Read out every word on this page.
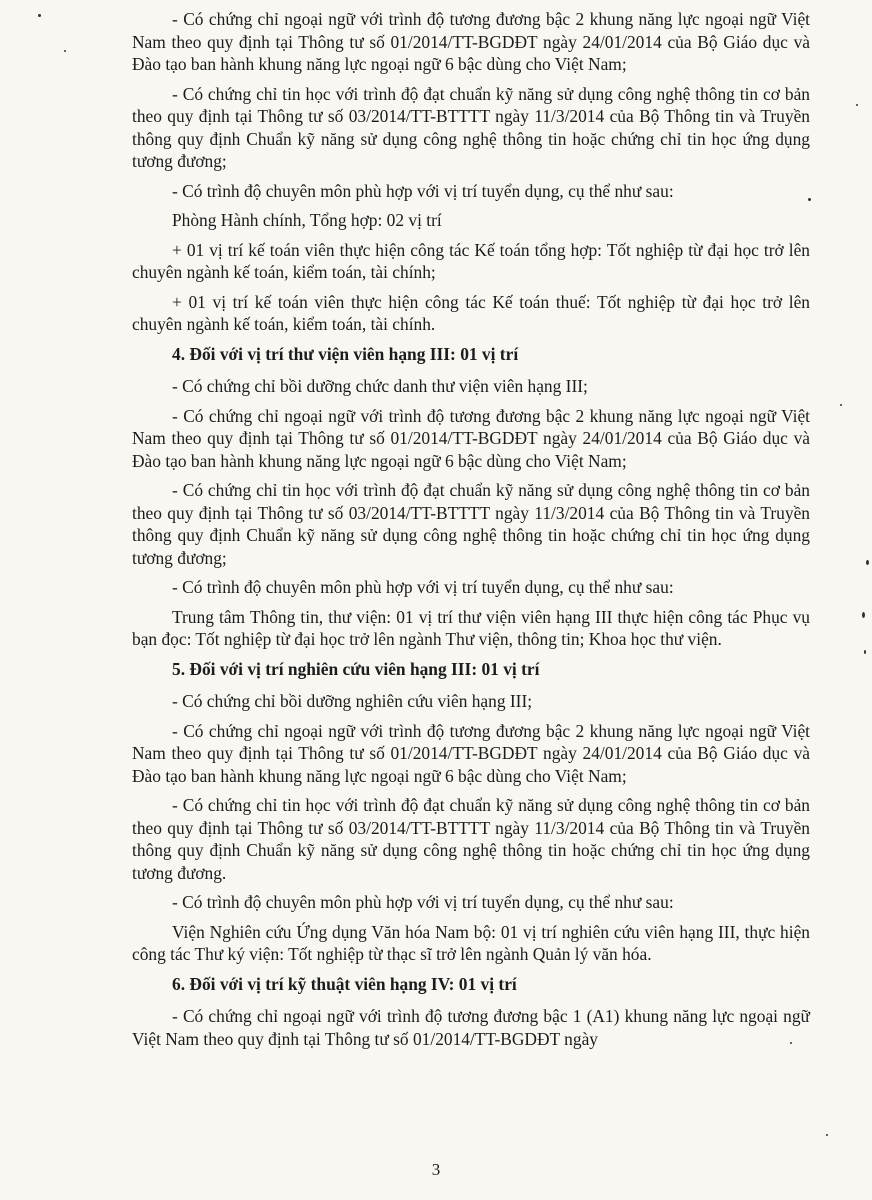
- Có chứng chỉ ngoại ngữ với trình độ tương đương bậc 2 khung năng lực ngoại ngữ Việt Nam theo quy định tại Thông tư số 01/2014/TT-BGDĐT ngày 24/01/2014 của Bộ Giáo dục và Đào tạo ban hành khung năng lực ngoại ngữ 6 bậc dùng cho Việt Nam;

- Có chứng chỉ tin học với trình độ đạt chuẩn kỹ năng sử dụng công nghệ thông tin cơ bản theo quy định tại Thông tư số 03/2014/TT-BTTTT ngày 11/3/2014 của Bộ Thông tin và Truyền thông quy định Chuẩn kỹ năng sử dụng công nghệ thông tin hoặc chứng chỉ tin học ứng dụng tương đương;

- Có trình độ chuyên môn phù hợp với vị trí tuyển dụng, cụ thể như sau:

Phòng Hành chính, Tổng hợp: 02 vị trí

+ 01 vị trí kế toán viên thực hiện công tác Kế toán tổng hợp: Tốt nghiệp từ đại học trở lên chuyên ngành kế toán, kiểm toán, tài chính;

+ 01 vị trí kế toán viên thực hiện công tác Kế toán thuế: Tốt nghiệp từ đại học trở lên chuyên ngành kế toán, kiểm toán, tài chính.

4. Đối với vị trí thư viện viên hạng III: 01 vị trí

- Có chứng chỉ bồi dưỡng chức danh thư viện viên hạng III;

- Có chứng chỉ ngoại ngữ với trình độ tương đương bậc 2 khung năng lực ngoại ngữ Việt Nam theo quy định tại Thông tư số 01/2014/TT-BGDĐT ngày 24/01/2014 của Bộ Giáo dục và Đào tạo ban hành khung năng lực ngoại ngữ 6 bậc dùng cho Việt Nam;

- Có chứng chỉ tin học với trình độ đạt chuẩn kỹ năng sử dụng công nghệ thông tin cơ bản theo quy định tại Thông tư số 03/2014/TT-BTTTT ngày 11/3/2014 của Bộ Thông tin và Truyền thông quy định Chuẩn kỹ năng sử dụng công nghệ thông tin hoặc chứng chỉ tin học ứng dụng tương đương;

- Có trình độ chuyên môn phù hợp với vị trí tuyển dụng, cụ thể như sau:

Trung tâm Thông tin, thư viện: 01 vị trí thư viện viên hạng III thực hiện công tác Phục vụ bạn đọc: Tốt nghiệp từ đại học trở lên ngành Thư viện, thông tin; Khoa học thư viện.

5. Đối với vị trí nghiên cứu viên hạng III: 01 vị trí

- Có chứng chỉ bồi dưỡng nghiên cứu viên hạng III;

- Có chứng chỉ ngoại ngữ với trình độ tương đương bậc 2 khung năng lực ngoại ngữ Việt Nam theo quy định tại Thông tư số 01/2014/TT-BGDĐT ngày 24/01/2014 của Bộ Giáo dục và Đào tạo ban hành khung năng lực ngoại ngữ 6 bậc dùng cho Việt Nam;

- Có chứng chỉ tin học với trình độ đạt chuẩn kỹ năng sử dụng công nghệ thông tin cơ bản theo quy định tại Thông tư số 03/2014/TT-BTTTT ngày 11/3/2014 của Bộ Thông tin và Truyền thông quy định Chuẩn kỹ năng sử dụng công nghệ thông tin hoặc chứng chỉ tin học ứng dụng tương đương.

- Có trình độ chuyên môn phù hợp với vị trí tuyển dụng, cụ thể như sau:

Viện Nghiên cứu Ứng dụng Văn hóa Nam bộ: 01 vị trí nghiên cứu viên hạng III, thực hiện công tác Thư ký viện: Tốt nghiệp từ thạc sĩ trở lên ngành Quản lý văn hóa.

6. Đối với vị trí kỹ thuật viên hạng IV: 01 vị trí

- Có chứng chỉ ngoại ngữ với trình độ tương đương bậc 1 (A1) khung năng lực ngoại ngữ Việt Nam theo quy định tại Thông tư số 01/2014/TT-BGDĐT ngày

3
